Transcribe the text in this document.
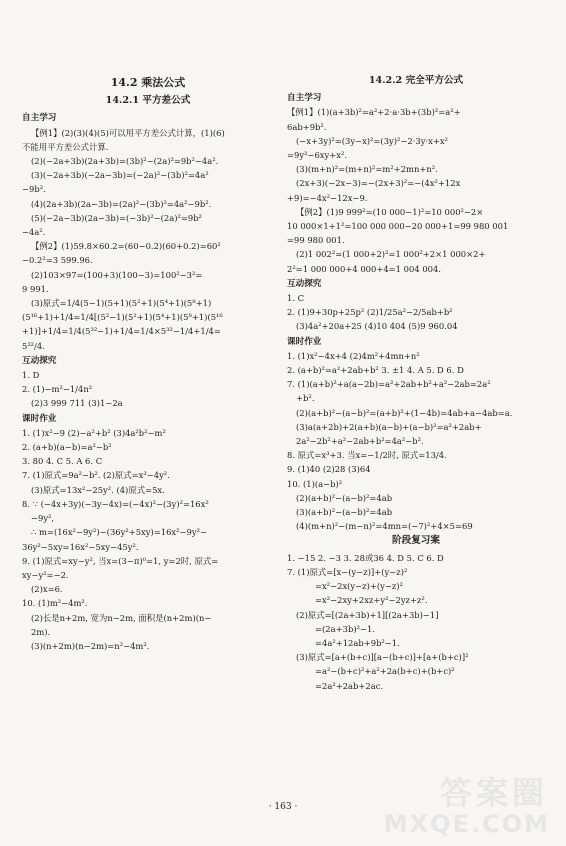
14.2 乘法公式
14.2.1 平方差公式
自主学习
【例1】(2)(3)(4)(5)可以用平方差公式计算，(1)(6)
不能用平方差公式计算.
(2)(−2a+3b)(2a+3b)=(3b)²−(2a)²=9b²−4a².
(3)(−2a+3b)(−2a−3b)=(−2a)²−(3b)²=4a²
−9b².
(4)(2a+3b)(2a−3b)=(2a)²−(3b)²=4a²−9b².
(5)(−2a−3b)(2a−3b)=(−3b)²−(2a)²=9b²
−4a².
【例2】(1)59.8×60.2=(60−0.2)(60+0.2)=60²
−0.2²=3 599.96.
(2)103×97=(100+3)(100−3)=100²−3²=
9 991.
(3)原式=1/4(5−1)(5+1)(5²+1)(5⁴+1)(5⁸+1)
(5¹⁶+1)+1/4=1/4[(5²−1)(5²+1)(5⁴+1)(5⁸+1)(5¹⁶
+1)]+1/4=1/4(5³²−1)+1/4=1/4×5³²−1/4+1/4=
5³²/4.
互动探究
1. D
2. (1)−m²−1/4n²
(2)3 999 711 (3)1−2a
课时作业
1. (1)x²−9 (2)−a²+b² (3)4a²b²−m²
2. (a+b)(a−b)=a²−b²
3. 80 4. C 5. A 6. C
7. (1)原式=9a²−b². (2)原式=x³−4y².
(3)原式=13x²−25y². (4)原式=5x.
8. ∵ (−4x+3y)(−3y−4x)=(−4x)²−(3y)²=16x²
−9y²,
∴ m=(16x²−9y²)−(36y²+5xy)=16x²−9y²−
36y²−5xy=16x²−5xy−45y².
9. (1)原式=xy−y², 当x=(3−π)⁰=1, y=2时, 原式=
xy−y²=−2.
(2)x=6.
10. (1)m²−4m².
(2)长是n+2m, 宽为n−2m, 面积是(n+2m)(n−
2m).
(3)(n+2m)(n−2m)=n²−4m².
14.2.2 完全平方公式
自主学习
【例1】(1)(a+3b)²=a²+2·a·3b+(3b)²=a²+
6ab+9b².
(−x+3y)²=(3y−x)²=(3y)²−2·3y·x+x²
=9y²−6xy+x².
(3)(m+n)²=(m+n)²=m²+2mn+n².
(2x+3)(−2x−3)=−(2x+3)²=−(4x²+12x
+9)=−4x²−12x−9.
【例2】(1)9 999²=(10 000−1)²=10 000²−2×
10 000×1+1²=100 000 000−20 000+1=99 980 001
=99 980 001.
(2)1 002²=(1 000+2)²=1 000²+2×1 000×2+
2²=1 000 000+4 000+4=1 004 004.
互动探究
1. C
2. (1)9+30p+25p² (2)1/25a²−2/5ab+b²
(3)4a²+20a+25 (4)10 404 (5)9 960.04
课时作业
1. (1)x²−4x+4 (2)4m²+4mn+n²
2. (a+b)²=a²+2ab+b² 3. ±1 4. A 5. D 6. D
7. (1)(a+b)²+a(a−2b)=a²+2ab+b²+a²−2ab=2a²
+b².
(2)(a+b)²−(a−b)²=(a+b)²+(1−4b)=4ab+a−4ab=a.
(3)a(a+2b)+2(a+b)(a−b)+(a−b)²=a²+2ab+
2a²−2b²+a²−2ab+b²=4a²−b².
8. 原式=x³+3. 当x=−1/2时, 原式=13/4.
9. (1)40 (2)28 (3)64
10. (1)(a−b)²
(2)(a+b)²−(a−b)²=4ab
(3)(a+b)²−(a−b)²=4ab
(4)(m+n)²−(m−n)²=4mn=(−7)²+4×5=69
阶段复习案
1. −15 2. −3 3. 28或36 4. D 5. C 6. D
7. (1)原式=[x−(y−z)]+(y−z)²
=x²−2x(y−z)+(y−z)²
=x²−2xy+2xz+y²−2yz+z².
(2)原式=[(2a+3b)+1][(2a+3b)−1]
=(2a+3b)²−1.
=4a²+12ab+9b²−1.
(3)原式=[a+(b+c)][a−(b+c)]+[a+(b+c)]²
=a²−(b+c)²+a²+2a(b+c)+(b+c)²
=2a²+2ab+2ac.
· 163 ·	答案圈
MXQE.COM
